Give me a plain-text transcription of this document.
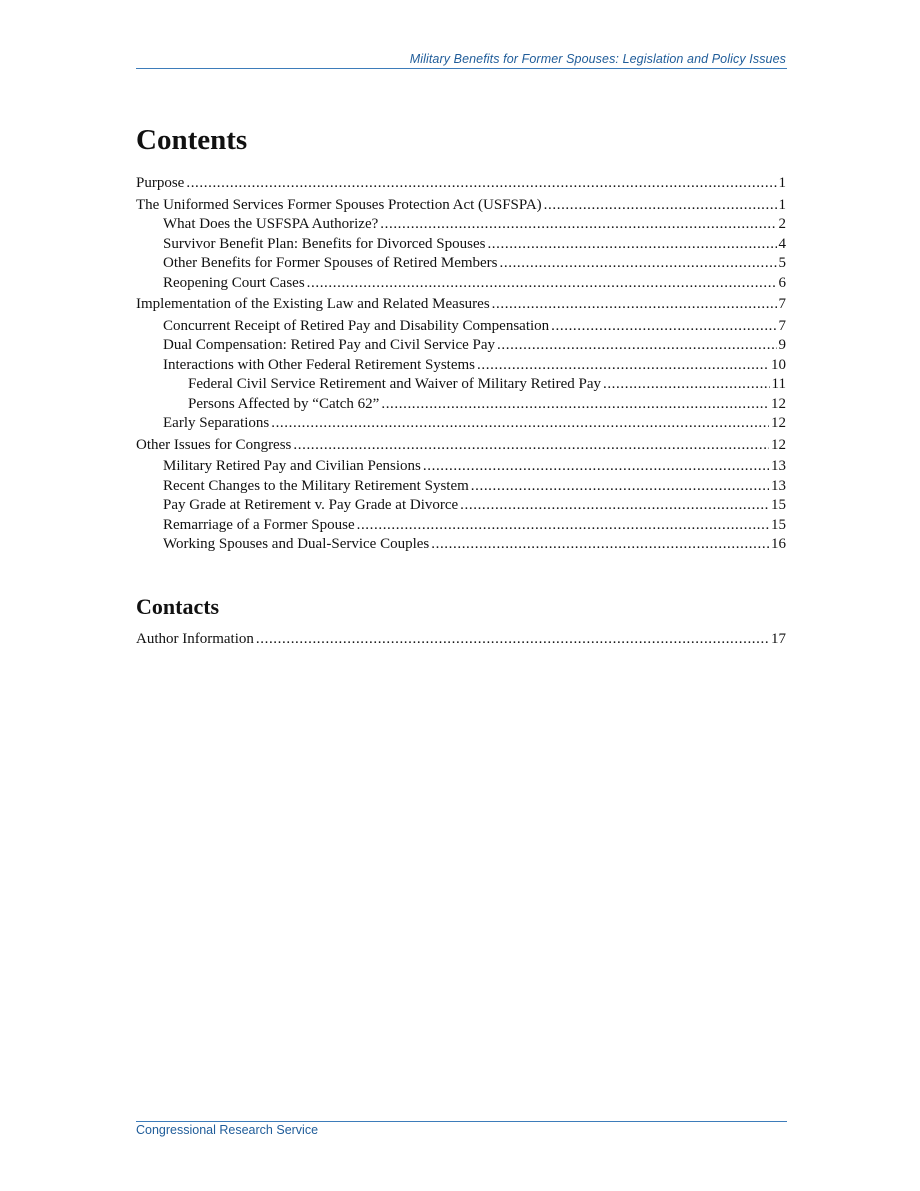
Military Benefits for Former Spouses: Legislation and Policy Issues
Contents
Purpose .....	1
The Uniformed Services Former Spouses Protection Act (USFSPA) .....	1
What Does the USFSPA Authorize? .....	2
Survivor Benefit Plan: Benefits for Divorced Spouses .....	4
Other Benefits for Former Spouses of Retired Members .....	5
Reopening Court Cases .....	6
Implementation of the Existing Law and Related Measures .....	7
Concurrent Receipt of Retired Pay and Disability Compensation .....	7
Dual Compensation: Retired Pay and Civil Service Pay .....	9
Interactions with Other Federal Retirement Systems .....	10
Federal Civil Service Retirement and Waiver of Military Retired Pay .....	11
Persons Affected by “Catch 62” .....	12
Early Separations .....	12
Other Issues for Congress .....	12
Military Retired Pay and Civilian Pensions .....	13
Recent Changes to the Military Retirement System .....	13
Pay Grade at Retirement v. Pay Grade at Divorce .....	15
Remarriage of a Former Spouse .....	15
Working Spouses and Dual-Service Couples .....	16
Contacts
Author Information .....	17
Congressional Research Service
